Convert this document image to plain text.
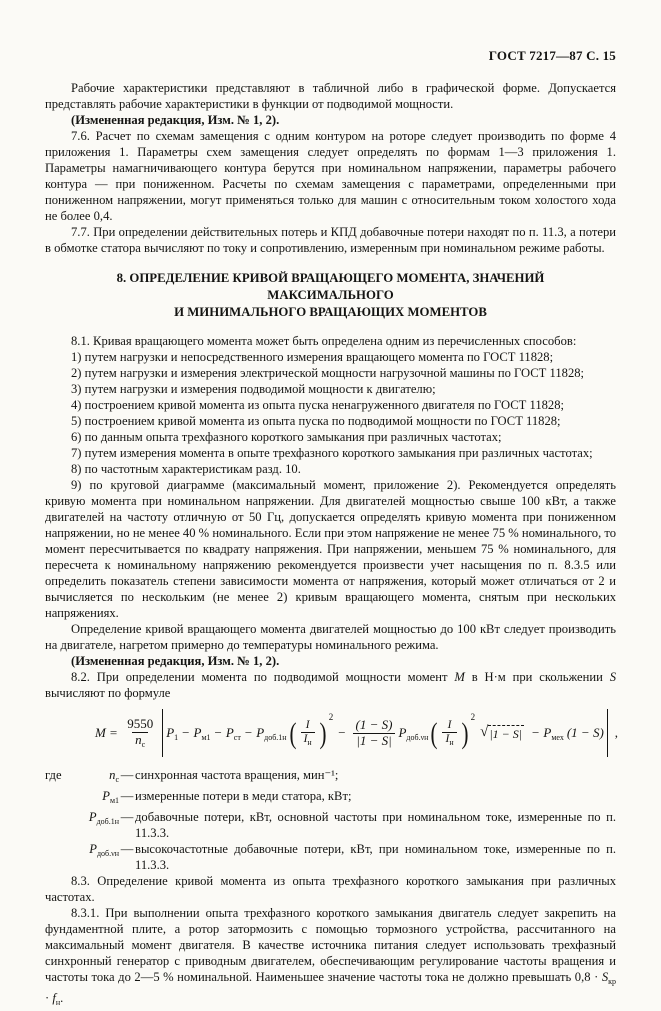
ГОСТ 7217—87 С. 15

Рабочие характеристики представляют в табличной либо в графической форме. Допускается представлять рабочие характеристики в функции от подводимой мощности.

(Измененная редакция, Изм. № 1, 2).

7.6. Расчет по схемам замещения с одним контуром на роторе следует производить по форме 4 приложения 1. Параметры схем замещения следует определять по формам 1—3 приложения 1. Параметры намагничивающего контура берутся при номинальном напряжении, параметры рабочего контура — при пониженном. Расчеты по схемам замещения с параметрами, определенными при пониженном напряжении, могут применяться только для машин с относительным током холостого хода не более 0,4.

7.7. При определении действительных потерь и КПД добавочные потери находят по п. 11.3, а потери в обмотке статора вычисляют по току и сопротивлению, измеренным при номинальном режиме работы.

8. ОПРЕДЕЛЕНИЕ КРИВОЙ ВРАЩАЮЩЕГО МОМЕНТА, ЗНАЧЕНИЙ МАКСИМАЛЬНОГО
И МИНИМАЛЬНОГО ВРАЩАЮЩИХ МОМЕНТОВ

8.1. Кривая вращающего момента может быть определена одним из перечисленных способов:

1) путем нагрузки и непосредственного измерения вращающего момента по ГОСТ 11828;

2) путем нагрузки и измерения электрической мощности нагрузочной машины по ГОСТ 11828;

3) путем нагрузки и измерения подводимой мощности к двигателю;

4) построением кривой момента из опыта пуска ненагруженного двигателя по ГОСТ 11828;

5) построением кривой момента из опыта пуска по подводимой мощности по ГОСТ 11828;

6) по данным опыта трехфазного короткого замыкания при различных частотах;

7) путем измерения момента в опыте трехфазного короткого замыкания при различных частотах;

8) по частотным характеристикам разд. 10.

9) по круговой диаграмме (максимальный момент, приложение 2). Рекомендуется определять кривую момента при номинальном напряжении. Для двигателей мощностью свыше 100 кВт, а также двигателей на частоту отличную от 50 Гц, допускается определять кривую момента при пониженном напряжении, но не менее 40 % номинального. Если при этом напряжение не менее 75 % номинального, то момент пересчитывается по квадрату напряжения. При напряжении, меньшем 75 % номинального, для пересчета к номинальному напряжению рекомендуется произвести учет насыщения по п. 8.3.5 или определить показатель степени зависимости момента от напряжения, который может отличаться от 2 и вычисляется по нескольким (не менее 2) кривым вращающего момента, снятым при нескольких напряжениях.

Определение кривой вращающего момента двигателей мощностью до 100 кВт следует производить на двигателе, нагретом примерно до температуры номинального режима.

(Измененная редакция, Изм. № 1, 2).

8.2. При определении момента по подводимой мощности момент М в Н·м при скольжении S вычисляют по формуле

$M = \frac{9550}{n_с} P_1 - P_{м1} - P_{ст} - P_{доб.1н}$ ( $\frac{I}{I_н}$ ) 2
− $\frac{(1 - S)}{|1 - S|} P_{доб.\nu н}$ ( $\frac{I}{I_н}$ ) 2
√ $|1 - S| - P_{мех}$ (1 − S) ,
где	$n_с$ — синхронная частота вращения, мин⁻¹;
$P_{м1}$ — измеренные потери в меди статора, кВт;
$P_{доб.1н}$ — добавочные потери, кВт, основной частоты при номинальном токе, измеренные по п. 11.3.3.
$P_{доб.\nu н}$ — высокочастотные добавочные потери, кВт, при номинальном токе, измеренные по п. 11.3.3.

8.3. Определение кривой момента из опыта трехфазного короткого замыкания при различных частотах.

8.3.1. При выполнении опыта трехфазного короткого замыкания двигатель следует закрепить на фундаментной плите, а ротор затормозить с помощью тормозного устройства, рассчитанного на максимальный момент двигателя. В качестве источника питания следует использовать трехфазный синхронный генератор с приводным двигателем, обеспечивающим регулирование частоты вращения и частоты тока до 2—5 % номинальной. Наименьшее значение частоты тока не должно превышать $0,8 \cdot S_{кр} \cdot f_н$.
